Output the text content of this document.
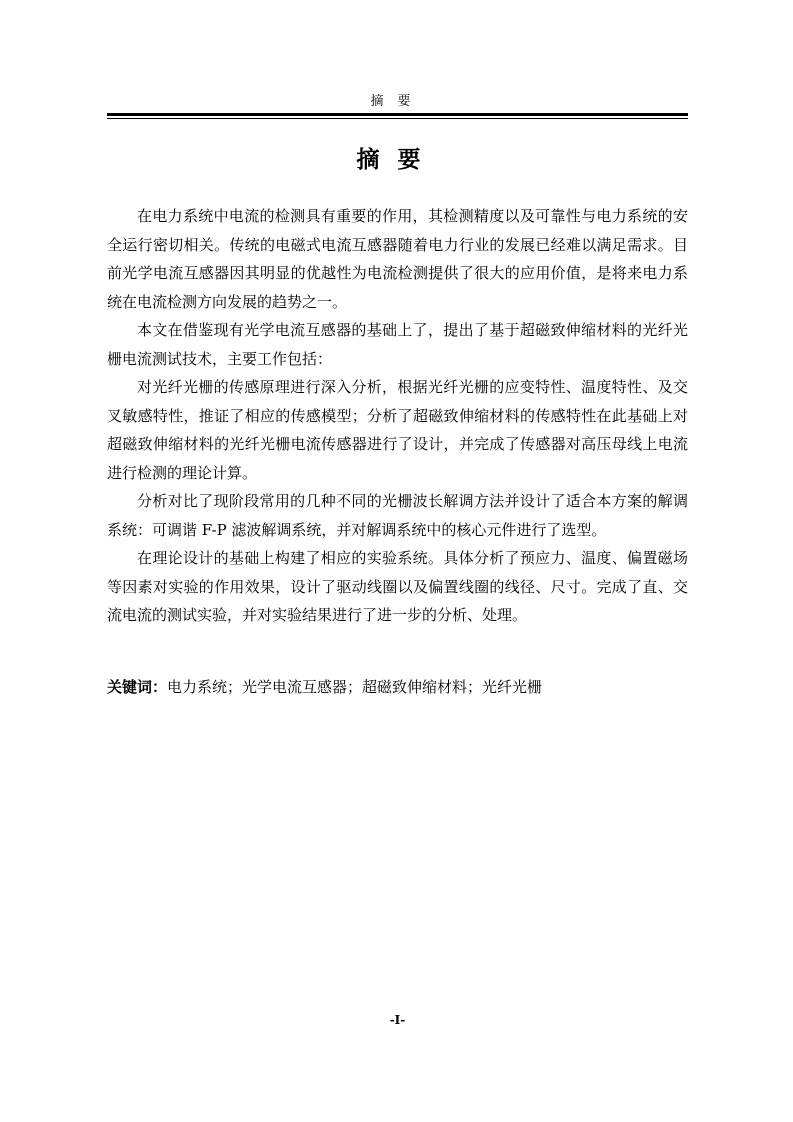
摘要
摘要

在电力系统中电流的检测具有重要的作用，其检测精度以及可靠性与电力系统的安全运行密切相关。传统的电磁式电流互感器随着电力行业的发展已经难以满足需求。目前光学电流互感器因其明显的优越性为电流检测提供了很大的应用价值，是将来电力系统在电流检测方向发展的趋势之一。

本文在借鉴现有光学电流互感器的基础上了，提出了基于超磁致伸缩材料的光纤光栅电流测试技术，主要工作包括：

对光纤光栅的传感原理进行深入分析，根据光纤光栅的应变特性、温度特性、及交叉敏感特性，推证了相应的传感模型；分析了超磁致伸缩材料的传感特性在此基础上对超磁致伸缩材料的光纤光栅电流传感器进行了设计，并完成了传感器对高压母线上电流进行检测的理论计算。

分析对比了现阶段常用的几种不同的光栅波长解调方法并设计了适合本方案的解调系统：可调谐 F-P 滤波解调系统，并对解调系统中的核心元件进行了选型。

在理论设计的基础上构建了相应的实验系统。具体分析了预应力、温度、偏置磁场等因素对实验的作用效果，设计了驱动线圈以及偏置线圈的线径、尺寸。完成了直、交流电流的测试实验，并对实验结果进行了进一步的分析、处理。

关键词：电力系统；光学电流互感器；超磁致伸缩材料；光纤光栅
-I-
